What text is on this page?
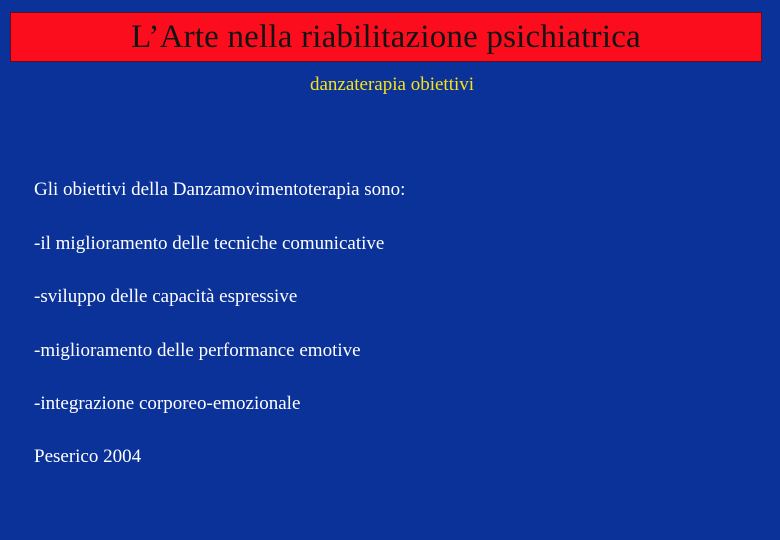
L’Arte nella riabilitazione psichiatrica
danzaterapia obiettivi
Gli obiettivi della Danzamovimentoterapia sono:
-il miglioramento delle tecniche comunicative
-sviluppo delle capacità espressive
-miglioramento delle performance emotive
-integrazione corporeo-emozionale
Peserico 2004
